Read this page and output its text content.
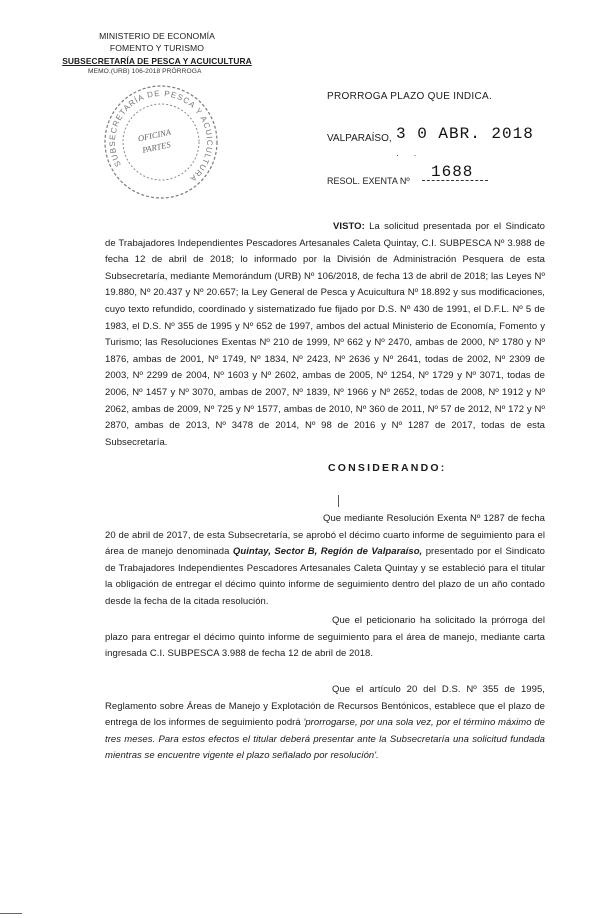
MINISTERIO DE ECONOMÍA
FOMENTO Y TURISMO
SUBSECRETARÍA DE PESCA Y ACUICULTURA
MEMO.(URB) 106-2018 PRÓRROGA
SUBSECRETARÍA DE PESCA Y ACUICULTURA
OFICINA
PARTES
PRORROGA PLAZO QUE INDICA.
VALPARAÍSO, 3 0 ABR. 2018
· ·
RESOL. EXENTA Nº 1688
VISTO: La solicitud presentada por el Sindicato de Trabajadores Independientes Pescadores Artesanales Caleta Quintay, C.I. SUBPESCA Nº 3.988 de fecha 12 de abril de 2018; lo informado por la División de Administración Pesquera de esta Subsecretaría, mediante Memorándum (URB) Nº 106/2018, de fecha 13 de abril de 2018; las Leyes Nº 19.880, Nº 20.437 y Nº 20.657; la Ley General de Pesca y Acuicultura Nº 18.892 y sus modificaciones, cuyo texto refundido, coordinado y sistematizado fue fijado por D.S. Nº 430 de 1991, el D.F.L. Nº 5 de 1983, el D.S. Nº 355 de 1995 y Nº 652 de 1997, ambos del actual Ministerio de Economía, Fomento y Turismo; las Resoluciones Exentas Nº 210 de 1999, Nº 662 y Nº 2470, ambas de 2000, Nº 1780 y Nº 1876, ambas de 2001, Nº 1749, Nº 1834, Nº 2423, Nº 2636 y Nº 2641, todas de 2002, Nº 2309 de 2003, Nº 2299 de 2004, Nº 1603 y Nº 2602, ambas de 2005, Nº 1254, Nº 1729 y Nº 3071, todas de 2006, Nº 1457 y Nº 3070, ambas de 2007, Nº 1839, Nº 1966 y Nº 2652, todas de 2008, Nº 1912 y Nº 2062, ambas de 2009, Nº 725 y Nº 1577, ambas de 2010, Nº 360 de 2011, Nº 57 de 2012, Nº 172 y Nº 2870, ambas de 2013, Nº 3478 de 2014, Nº 98 de 2016 y Nº 1287 de 2017, todas de esta Subsecretaría.
CONSIDERANDO:
Que mediante Resolución Exenta Nº 1287 de fecha 20 de abril de 2017, de esta Subsecretaría, se aprobó el décimo cuarto informe de seguimiento para el área de manejo denominada Quintay, Sector B, Región de Valparaíso, presentado por el Sindicato de Trabajadores Independientes Pescadores Artesanales Caleta Quintay y se estableció para el titular la obligación de entregar el décimo quinto informe de seguimiento dentro del plazo de un año contado desde la fecha de la citada resolución.
Que el peticionario ha solicitado la prórroga del plazo para entregar el décimo quinto informe de seguimiento para el área de manejo, mediante carta ingresada C.I. SUBPESCA 3.988 de fecha 12 de abril de 2018.
Que el artículo 20 del D.S. Nº 355 de 1995, Reglamento sobre Áreas de Manejo y Explotación de Recursos Bentónicos, establece que el plazo de entrega de los informes de seguimiento podrá 'prorrogarse, por una sola vez, por el término máximo de tres meses. Para estos efectos el titular deberá presentar ante la Subsecretaría una solicitud fundada mientras se encuentre vigente el plazo señalado por resolución'.
